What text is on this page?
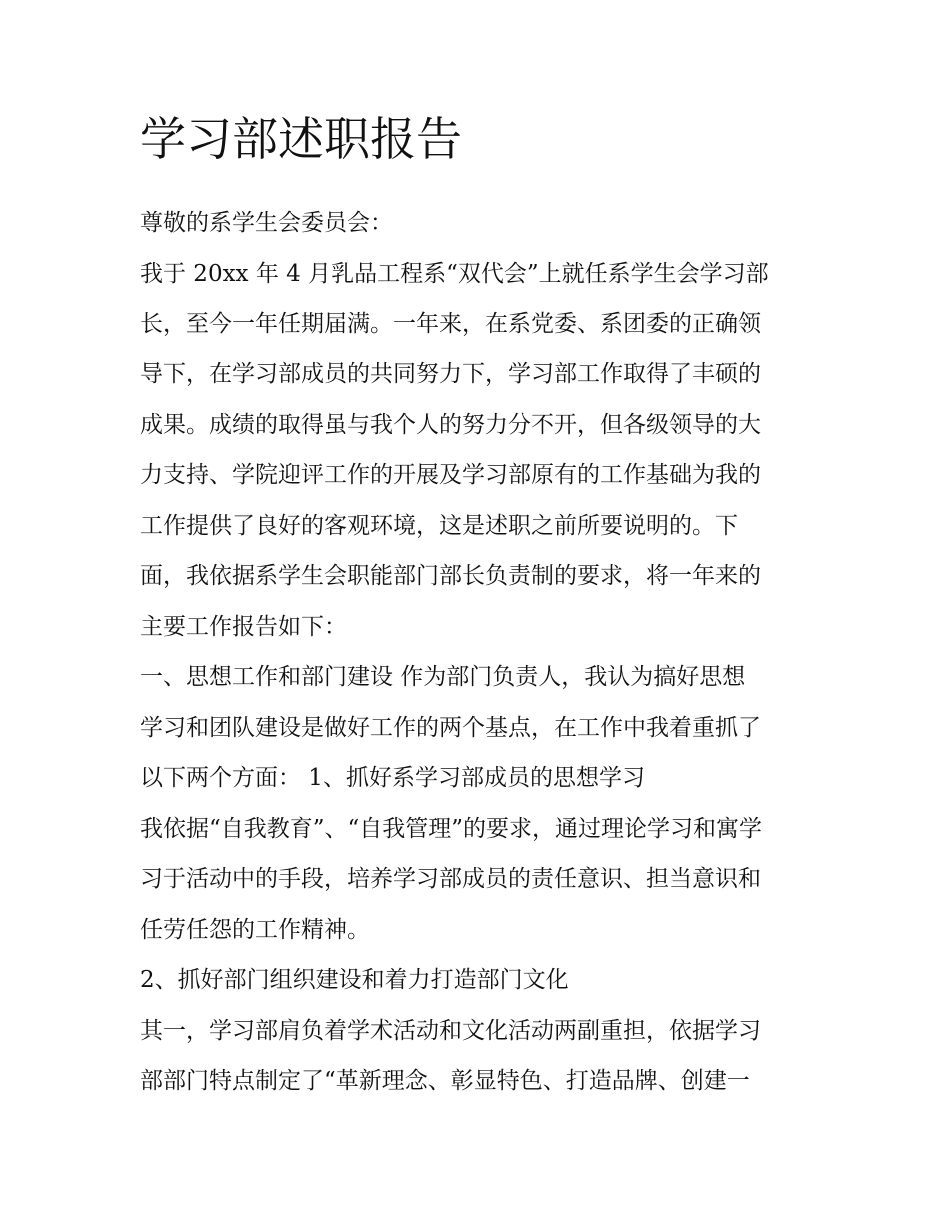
学习部述职报告

尊敬的系学生会委员会：

我于 20xx 年 4 月乳品工程系“双代会”上就任系学生会学习部

长，至今一年任期届满。一年来，在系党委、系团委的正确领

导下，在学习部成员的共同努力下，学习部工作取得了丰硕的

成果。成绩的取得虽与我个人的努力分不开，但各级领导的大

力支持、学院迎评工作的开展及学习部原有的工作基础为我的

工作提供了良好的客观环境，这是述职之前所要说明的。下

面，我依据系学生会职能部门部长负责制的要求，将一年来的

主要工作报告如下：

一、思想工作和部门建设 作为部门负责人，我认为搞好思想

学习和团队建设是做好工作的两个基点，在工作中我着重抓了

以下两个方面： 1、抓好系学习部成员的思想学习

我依据“自我教育”、“自我管理”的要求，通过理论学习和寓学

习于活动中的手段，培养学习部成员的责任意识、担当意识和

任劳任怨的工作精神。

2、抓好部门组织建设和着力打造部门文化

其一，学习部肩负着学术活动和文化活动两副重担，依据学习

部部门特点制定了“革新理念、彰显特色、打造品牌、创建一
